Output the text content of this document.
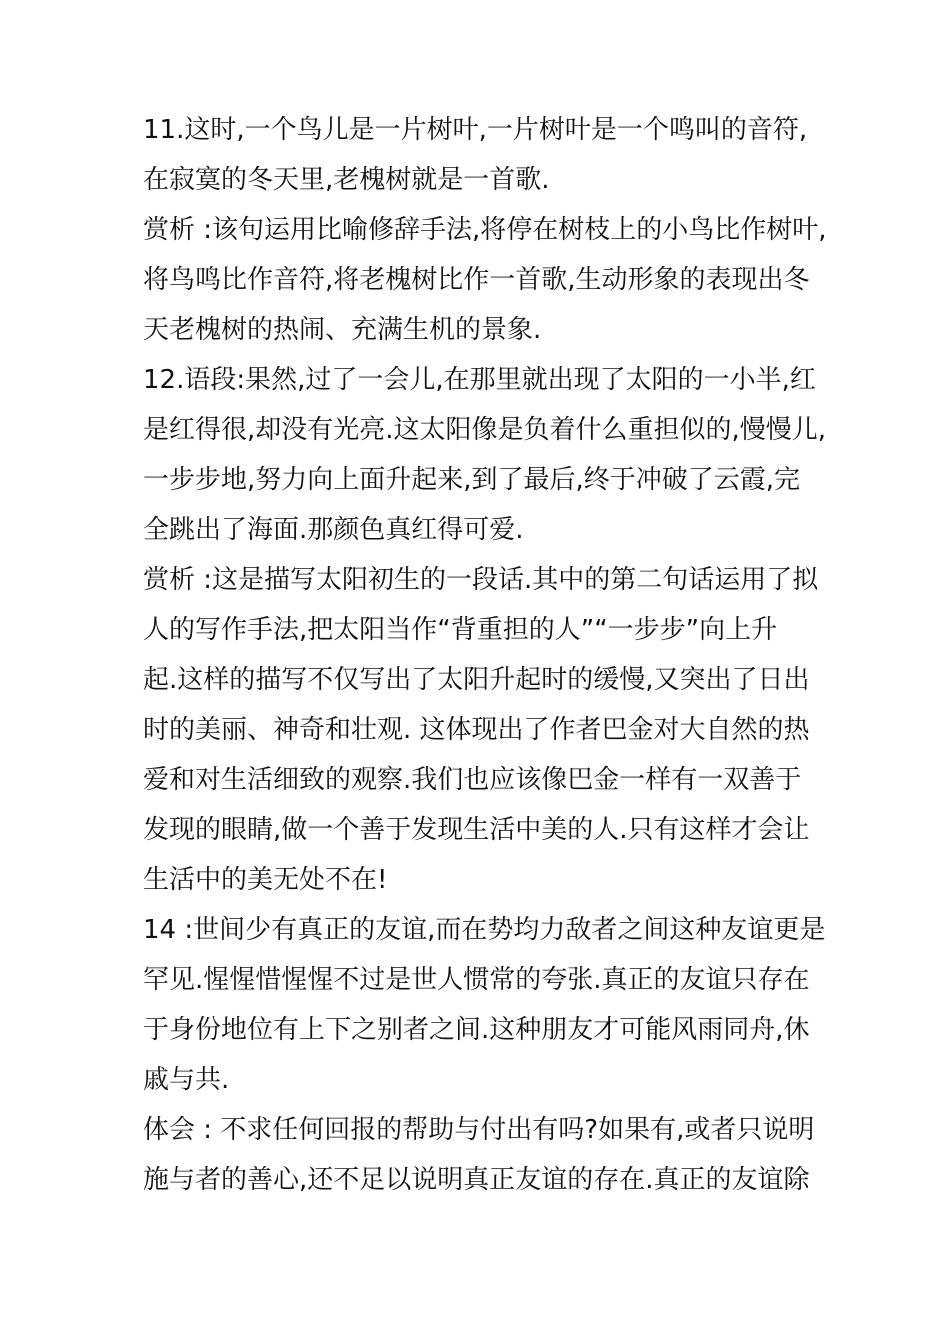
11.这时,一个鸟儿是一片树叶,一片树叶是一个鸣叫的音符,
在寂寞的冬天里,老槐树就是一首歌.
赏析 :该句运用比喻修辞手法,将停在树枝上的小鸟比作树叶,
将鸟鸣比作音符,将老槐树比作一首歌,生动形象的表现出冬
天老槐树的热闹、充满生机的景象.
12.语段:果然,过了一会儿,在那里就出现了太阳的一小半,红
是红得很,却没有光亮.这太阳像是负着什么重担似的,慢慢儿,
一步步地,努力向上面升起来,到了最后,终于冲破了云霞,完
全跳出了海面.那颜色真红得可爱.
赏析 :这是描写太阳初生的一段话.其中的第二句话运用了拟
人的写作手法,把太阳当作“背重担的人”“一步步”向上升
起.这样的描写不仅写出了太阳升起时的缓慢,又突出了日出
时的美丽、神奇和壮观. 这体现出了作者巴金对大自然的热
爱和对生活细致的观察.我们也应该像巴金一样有一双善于
发现的眼睛,做一个善于发现生活中美的人.只有这样才会让
生活中的美无处不在!
14 :世间少有真正的友谊,而在势均力敌者之间这种友谊更是
罕见.惺惺惜惺惺不过是世人惯常的夸张.真正的友谊只存在
于身份地位有上下之别者之间.这种朋友才可能风雨同舟,休
戚与共.
体会 : 不求任何回报的帮助与付出有吗?如果有,或者只说明
施与者的善心,还不足以说明真正友谊的存在.真正的友谊除
